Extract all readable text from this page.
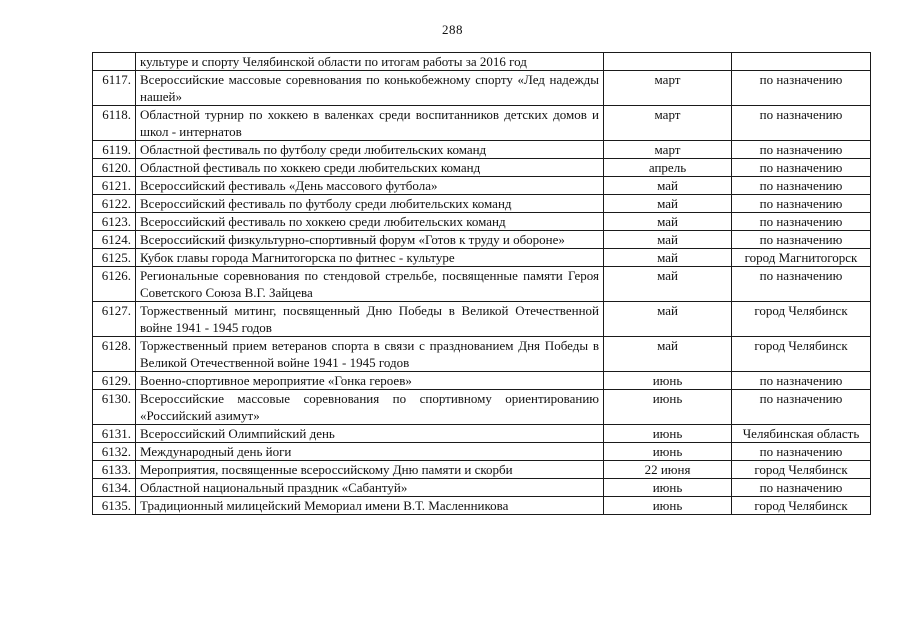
288
	культуре и спорту Челябинской области по итогам работы за 2016 год		
6117.	Всероссийские массовые соревнования по конькобежному спорту «Лед надежды нашей»	март	по назначению
6118.	Областной турнир по хоккею в валенках среди воспитанников детских домов и школ - интернатов	март	по назначению
6119.	Областной фестиваль по футболу среди любительских команд	март	по назначению
6120.	Областной фестиваль по хоккею среди любительских команд	апрель	по назначению
6121.	Всероссийский фестиваль «День массового футбола»	май	по назначению
6122.	Всероссийский фестиваль по футболу среди любительских команд	май	по назначению
6123.	Всероссийский фестиваль по хоккею среди любительских команд	май	по назначению
6124.	Всероссийский физкультурно-спортивный форум «Готов к труду и обороне»	май	по назначению
6125.	Кубок главы города Магнитогорска по фитнес - культуре	май	город Магнитогорск
6126.	Региональные соревнования по стендовой стрельбе, посвященные памяти Героя Советского Союза В.Г. Зайцева	май	по назначению
6127.	Торжественный митинг, посвященный Дню Победы в Великой Отечественной войне 1941 - 1945 годов	май	город Челябинск
6128.	Торжественный прием ветеранов спорта в связи с празднованием Дня Победы в Великой Отечественной войне 1941 - 1945 годов	май	город Челябинск
6129.	Военно-спортивное мероприятие «Гонка героев»	июнь	по назначению
6130.	Всероссийские массовые соревнования по спортивному ориентированию «Российский азимут»	июнь	по назначению
6131.	Всероссийский Олимпийский день	июнь	Челябинская область
6132.	Международный день йоги	июнь	по назначению
6133.	Мероприятия, посвященные всероссийскому Дню памяти и скорби	22 июня	город Челябинск
6134.	Областной национальный праздник «Сабантуй»	июнь	по назначению
6135.	Традиционный милицейский Мемориал имени В.Т. Масленникова	июнь	город Челябинск
